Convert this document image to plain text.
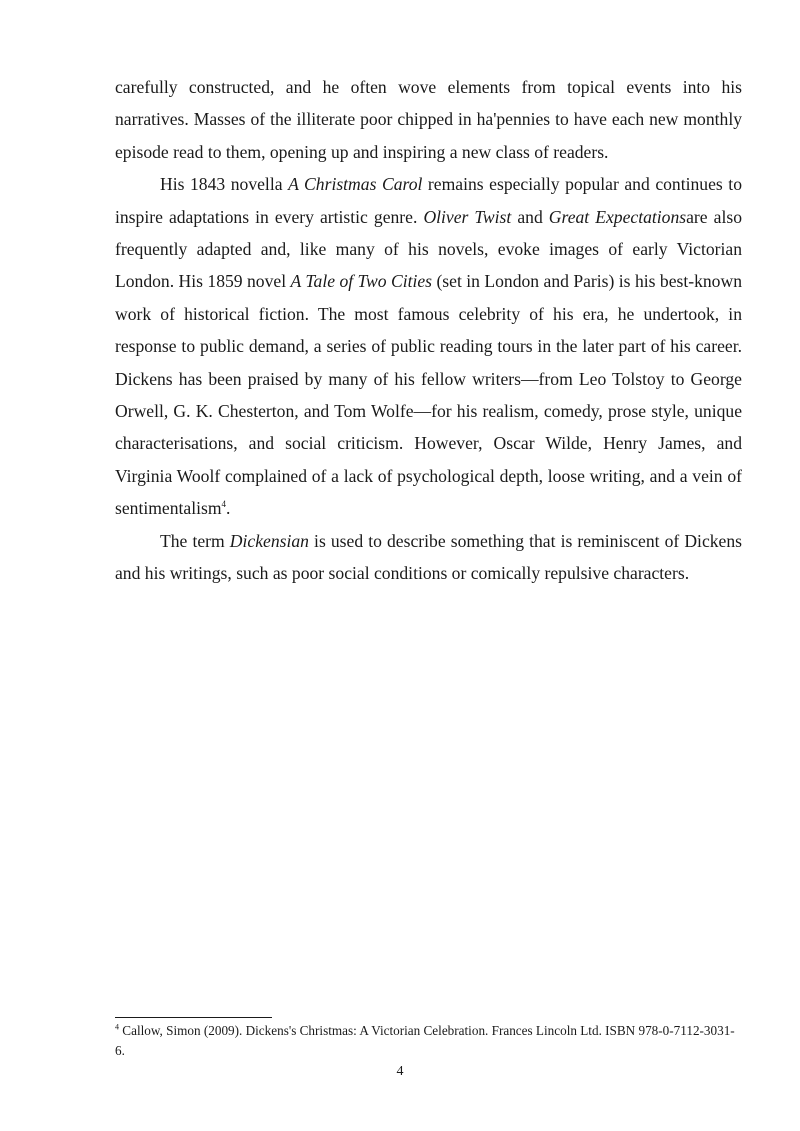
carefully constructed, and he often wove elements from topical events into his narratives. Masses of the illiterate poor chipped in ha'pennies to have each new monthly episode read to them, opening up and inspiring a new class of readers.

His 1843 novella A Christmas Carol remains especially popular and continues to inspire adaptations in every artistic genre. Oliver Twist and Great Expectationsare also frequently adapted and, like many of his novels, evoke images of early Victorian London. His 1859 novel A Tale of Two Cities (set in London and Paris) is his best-known work of historical fiction. The most famous celebrity of his era, he undertook, in response to public demand, a series of public reading tours in the later part of his career. Dickens has been praised by many of his fellow writers—from Leo Tolstoy to George Orwell, G. K. Chesterton, and Tom Wolfe—for his realism, comedy, prose style, unique characterisations, and social criticism. However, Oscar Wilde, Henry James, and Virginia Woolf complained of a lack of psychological depth, loose writing, and a vein of sentimentalism$^4$.

The term Dickensian is used to describe something that is reminiscent of Dickens and his writings, such as poor social conditions or comically repulsive characters.

$^4$ Callow, Simon (2009). Dickens's Christmas: A Victorian Celebration. Frances Lincoln Ltd. ISBN 978-0-7112-3031-6.
4
